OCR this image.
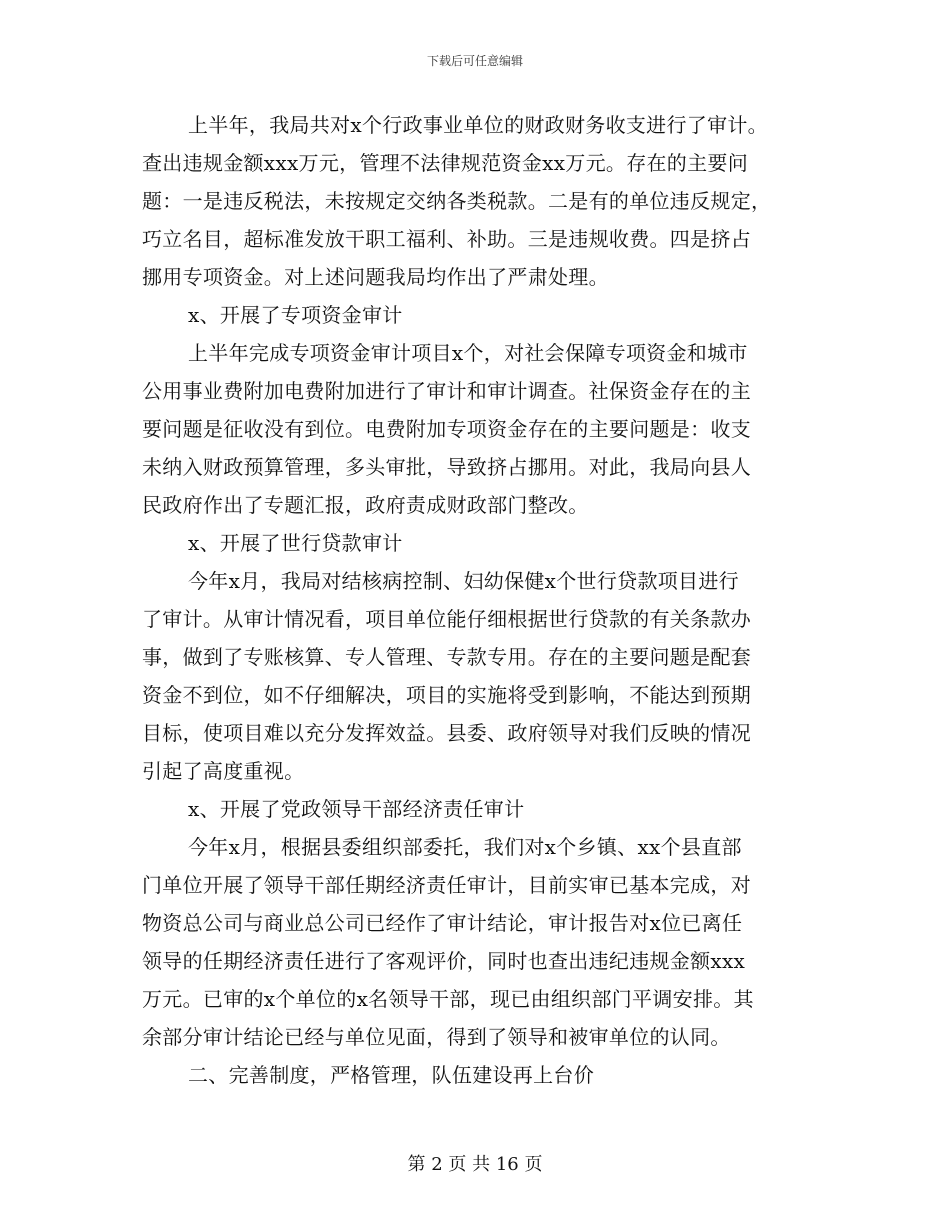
下载后可任意编辑
上半年，我局共对x个行政事业单位的财政财务收支进行了审计。
查出违规金额xxx万元，管理不法律规范资金xx万元。存在的主要问
题：一是违反税法，未按规定交纳各类税款。二是有的单位违反规定，
巧立名目，超标准发放干职工福利、补助。三是违规收费。四是挤占
挪用专项资金。对上述问题我局均作出了严肃处理。
x、开展了专项资金审计
上半年完成专项资金审计项目x个，对社会保障专项资金和城市
公用事业费附加电费附加进行了审计和审计调查。社保资金存在的主
要问题是征收没有到位。电费附加专项资金存在的主要问题是：收支
未纳入财政预算管理，多头审批，导致挤占挪用。对此，我局向县人
民政府作出了专题汇报，政府责成财政部门整改。
x、开展了世行贷款审计
今年x月，我局对结核病控制、妇幼保健x个世行贷款项目进行
了审计。从审计情况看，项目单位能仔细根据世行贷款的有关条款办
事，做到了专账核算、专人管理、专款专用。存在的主要问题是配套
资金不到位，如不仔细解决，项目的实施将受到影响，不能达到预期
目标，使项目难以充分发挥效益。县委、政府领导对我们反映的情况
引起了高度重视。
x、开展了党政领导干部经济责任审计
今年x月，根据县委组织部委托，我们对x个乡镇、xx个县直部
门单位开展了领导干部任期经济责任审计，目前实审已基本完成，对
物资总公司与商业总公司已经作了审计结论，审计报告对x位已离任
领导的任期经济责任进行了客观评价，同时也查出违纪违规金额xxx
万元。已审的x个单位的x名领导干部，现已由组织部门平调安排。其
余部分审计结论已经与单位见面，得到了领导和被审单位的认同。
二、完善制度，严格管理，队伍建设再上台价
第 2 页 共 16 页
